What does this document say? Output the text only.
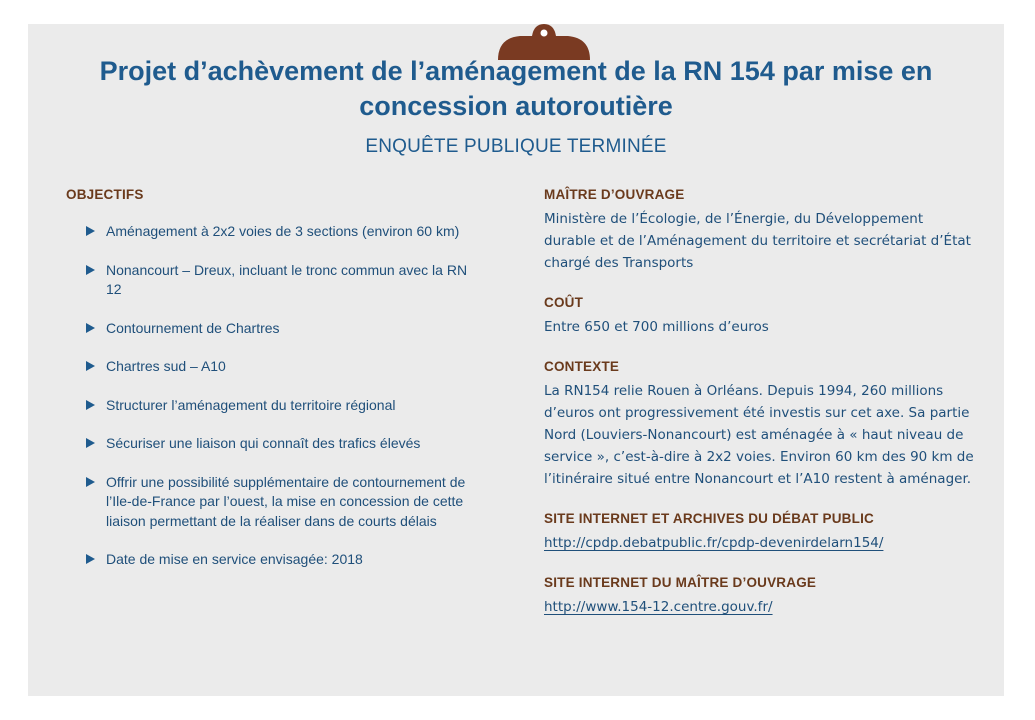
Projet d’achèvement de l’aménagement de la RN 154 par mise en concession autoroutière
ENQUÊTE PUBLIQUE TERMINÉE
OBJECTIFS
Aménagement à 2x2 voies de 3 sections (environ 60 km)
Nonancourt – Dreux, incluant le tronc commun avec la RN 12
Contournement de Chartres
Chartres sud – A10
Structurer l’aménagement du territoire régional
Sécuriser une liaison qui connaît des trafics élevés
Offrir une possibilité supplémentaire de contournement de l’Ile-de-France par l’ouest, la mise en concession de cette liaison permettant de la réaliser dans de courts délais
Date de mise en service envisagée: 2018
MAÎTRE D’OUVRAGE
Ministère de l’Écologie, de l’Énergie, du Développement durable et de l’Aménagement du territoire et secrétariat d’État chargé des Transports
COÛT
Entre 650 et 700 millions d’euros
CONTEXTE
La RN154 relie Rouen à Orléans. Depuis 1994, 260 millions d’euros ont progressivement été investis sur cet axe. Sa partie Nord (Louviers-Nonancourt) est aménagée à « haut niveau de service », c’est-à-dire à 2x2 voies. Environ 60 km des 90 km de l’itinéraire situé entre Nonancourt et l’A10 restent à aménager.
SITE INTERNET ET ARCHIVES DU DÉBAT PUBLIC
http://cpdp.debatpublic.fr/cpdp-devenirdelarn154/
SITE INTERNET DU MAÎTRE D’OUVRAGE
http://www.154-12.centre.gouv.fr/
